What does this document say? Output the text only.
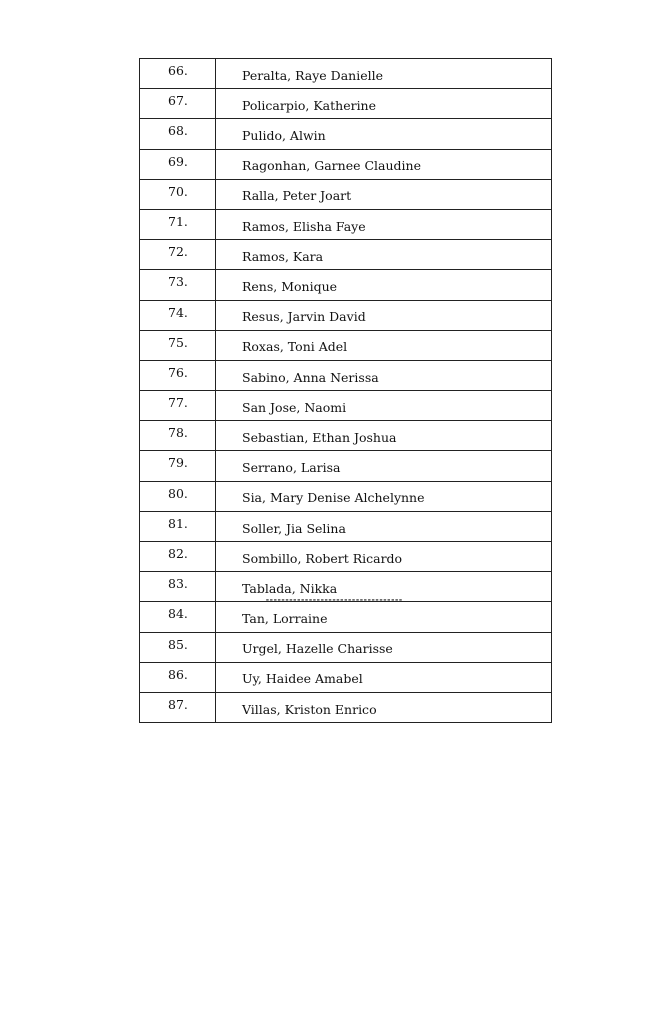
66.	Peralta, Raye Danielle
67.	Policarpio, Katherine
68.	Pulido, Alwin
69.	Ragonhan, Garnee Claudine
70.	Ralla, Peter Joart
71.	Ramos, Elisha Faye
72.	Ramos, Kara
73.	Rens, Monique
74.	Resus, Jarvin David
75.	Roxas, Toni Adel
76.	Sabino, Anna Nerissa
77.	San Jose, Naomi
78.	Sebastian, Ethan Joshua
79.	Serrano, Larisa
80.	Sia, Mary Denise Alchelynne
81.	Soller, Jia Selina
82.	Sombillo, Robert Ricardo
83.	Tablada, Nikka
84.	Tan, Lorraine
85.	Urgel, Hazelle Charisse
86.	Uy, Haidee Amabel
87.	Villas, Kriston Enrico
-----------------------------------
